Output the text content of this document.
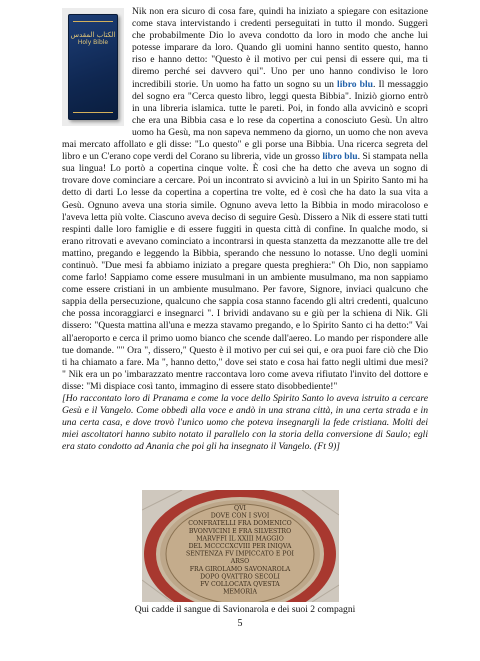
الكتاب المقدس
Holy Bible
Nik non era sicuro di cosa fare, quindi ha iniziato a spiegare con esitazione come stava intervistando i credenti perseguitati in tutto il mondo. Suggerì che probabilmente Dio lo aveva condotto da loro in modo che anche lui potesse imparare da loro. Quando gli uomini hanno sentito questo, hanno riso e hanno detto: "Questo è il motivo per cui pensi di essere qui, ma ti diremo perché sei davvero qui". Uno per uno hanno condiviso le loro incredibili storie. Un uomo ha fatto un sogno su un libro blu. Il messaggio del sogno era "Cerca questo libro, leggi questa Bibbia". Iniziò giorno entrò in una libreria islamica. tutte le pareti. Poi, in fondo alla avvicinò e scoprì che era una Bibbia casa e lo rese da copertina a conosciuto Gesù. Un altro uomo ha Gesù, ma non sapeva nemmeno da giorno, un uomo che non aveva mai mercato affollato e gli disse: "Lo questo" e gli porse una Bibbia. Una ricerca segreta del libro e un C'erano cope verdi del Corano su libreria, vide un grosso libro blu. Si stampata nella sua lingua! Lo portò a copertina cinque volte. È così che ha detto che aveva un sogno di trovare dove cominciare a cercare. Poi un incontrato si avvicinò a lui in un Spirito Santo mi ha detto di darti Lo lesse da copertina a copertina tre volte, ed è così che ha dato la sua vita a Gesù. Ognuno aveva una storia simile. Ognuno aveva letto la Bibbia in modo miracoloso e l'aveva letta più volte. Ciascuno aveva deciso di seguire Gesù. Dissero a Nik di essere stati tutti respinti dalle loro famiglie e di essere fuggiti in questa città di confine. In qualche modo, si erano ritrovati e avevano cominciato a incontrarsi in questa stanzetta da mezzanotte alle tre del mattino, pregando e leggendo la Bibbia, sperando che nessuno lo notasse. Uno degli uomini continuò. "Due mesi fa abbiamo iniziato a pregare questa preghiera:" Oh Dio, non sappiamo come farlo! Sappiamo come essere musulmani in un ambiente musulmano, ma non sappiamo come essere cristiani in un ambiente musulmano. Per favore, Signore, inviaci qualcuno che sappia della persecuzione, qualcuno che sappia cosa stanno facendo gli altri credenti, qualcuno che possa incoraggiarci e insegnarci ". I brividi andavano su e giù per la schiena di Nik. Gli dissero: "Questa mattina all'una e mezza stavamo pregando, e lo Spirito Santo ci ha detto:" Vai all'aeroporto e cerca il primo uomo bianco che scende dall'aereo. Lo mando per rispondere alle tue domande. "" Ora ", dissero," Questo è il motivo per cui sei qui, e ora puoi fare ciò che Dio ti ha chiamato a fare. Ma ", hanno detto," dove sei stato e cosa hai fatto negli ultimi due mesi? " Nik era un po 'imbarazzato mentre raccontava loro come aveva rifiutato l'invito del dottore e disse: "Mi dispiace così tanto, immagino di essere stato disobbediente!"
[Ho raccontato loro di Pranama e come la voce dello Spirito Santo lo aveva istruito a cercare Gesù e il Vangelo. Come obbedì alla voce e andò in una strana città, in una certa strada e in una certa casa, e dove trovò l'unico uomo che poteva insegnargli la fede cristiana. Molti dei miei ascoltatori hanno subito notato il parallelo con la storia della conversione di Saulo; egli era stato condotto ad Anania che poi gli ha insegnato il Vangelo. (Ft 9)]

QVI
DOVE CON I SVOI
CONFRATELLI FRA DOMENICO
BVONVICINI E FRA SILVESTRO
MARVFFI IL XXIII MAGGIO
DEL MCCCCXCVIII PER INIQVA
SENTENZA FV IMPICCATO E POI
ARSO
FRA GIROLAMO SAVONAROLA
DOPO QVATTRO SECOLI
FV COLLOCATA QVESTA
MEMORIA
Qui cadde il sangue di Savionarola e dei suoi 2 compagni
5
